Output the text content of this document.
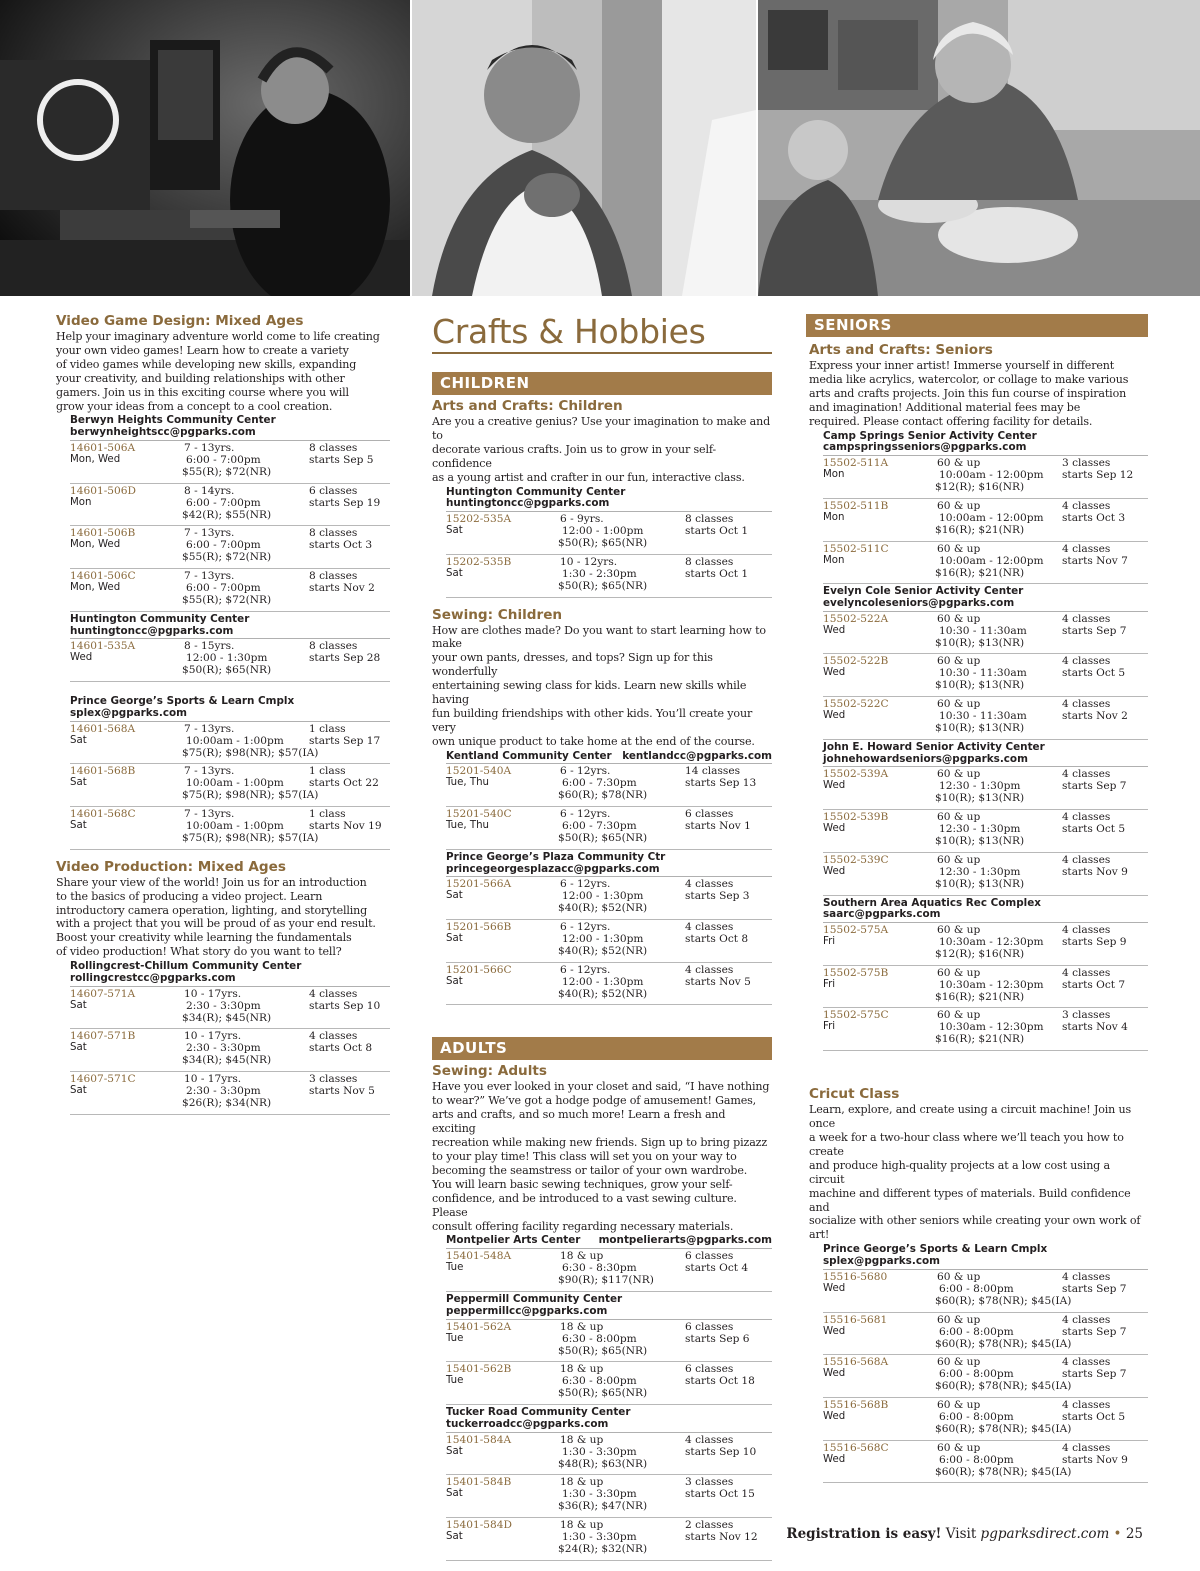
Video Game Design: Mixed Ages
Help your imaginary adventure world come to life creating
your own video games! Learn how to create a variety
of video games while developing new skills, expanding
your creativity, and building relationships with other
gamers. Join us in this exciting course where you will
grow your ideas from a concept to a cool creation.
Berwyn Heights Community Center
berwynheightscc@pgparks.com
14601-506A
Mon, Wed
7 - 13yrs.
6:00 - 7:00pm
$55(R); $72(NR)
8 classes
starts Sep 5
14601-506D
Mon
8 - 14yrs.
6:00 - 7:00pm
$42(R); $55(NR)
6 classes
starts Sep 19
14601-506B
Mon, Wed
7 - 13yrs.
6:00 - 7:00pm
$55(R); $72(NR)
8 classes
starts Oct 3
14601-506C
Mon, Wed
7 - 13yrs.
6:00 - 7:00pm
$55(R); $72(NR)
8 classes
starts Nov 2
Huntington Community Center
huntingtoncc@pgparks.com
14601-535A
Wed
8 - 15yrs.
12:00 - 1:30pm
$50(R); $65(NR)
8 classes
starts Sep 28
Prince George’s Sports & Learn Cmplx
splex@pgparks.com
14601-568A
Sat
7 - 13yrs.
10:00am - 1:00pm
$75(R); $98(NR); $57(IA)
1 class
starts Sep 17
14601-568B
Sat
7 - 13yrs.
10:00am - 1:00pm
$75(R); $98(NR); $57(IA)
1 class
starts Oct 22
14601-568C
Sat
7 - 13yrs.
10:00am - 1:00pm
$75(R); $98(NR); $57(IA)
1 class
starts Nov 19
Video Production: Mixed Ages
Share your view of the world! Join us for an introduction
to the basics of producing a video project. Learn
introductory camera operation, lighting, and storytelling
with a project that you will be proud of as your end result.
Boost your creativity while learning the fundamentals
of video production! What story do you want to tell?
Rollingcrest-Chillum Community Center
rollingcrestcc@pgparks.com
14607-571A
Sat
10 - 17yrs.
2:30 - 3:30pm
$34(R); $45(NR)
4 classes
starts Sep 10
14607-571B
Sat
10 - 17yrs.
2:30 - 3:30pm
$34(R); $45(NR)
4 classes
starts Oct 8
14607-571C
Sat
10 - 17yrs.
2:30 - 3:30pm
$26(R); $34(NR)
3 classes
starts Nov 5
Crafts & Hobbies
CHILDREN
Arts and Crafts: Children
Are you a creative genius? Use your imagination to make and to
decorate various crafts. Join us to grow in your self-confidence
as a young artist and crafter in our fun, interactive class.
Huntington Community Center
huntingtoncc@pgparks.com
15202-535A
Sat
6 - 9yrs.
12:00 - 1:00pm
$50(R); $65(NR)
8 classes
starts Oct 1
15202-535B
Sat
10 - 12yrs.
1:30 - 2:30pm
$50(R); $65(NR)
8 classes
starts Oct 1
Sewing: Children
How are clothes made? Do you want to start learning how to make
your own pants, dresses, and tops? Sign up for this wonderfully
entertaining sewing class for kids. Learn new skills while having
fun building friendships with other kids. You’ll create your very
own unique product to take home at the end of the course.
Kentland Community Center kentlandcc@pgparks.com
15201-540A
Tue, Thu
6 - 12yrs.
6:00 - 7:30pm
$60(R); $78(NR)
14 classes
starts Sep 13
15201-540C
Tue, Thu
6 - 12yrs.
6:00 - 7:30pm
$50(R); $65(NR)
6 classes
starts Nov 1
Prince George’s Plaza Community Ctr
princegeorgesplazacc@pgparks.com
15201-566A
Sat
6 - 12yrs.
12:00 - 1:30pm
$40(R); $52(NR)
4 classes
starts Sep 3
15201-566B
Sat
6 - 12yrs.
12:00 - 1:30pm
$40(R); $52(NR)
4 classes
starts Oct 8
15201-566C
Sat
6 - 12yrs.
12:00 - 1:30pm
$40(R); $52(NR)
4 classes
starts Nov 5
ADULTS
Sewing: Adults
Have you ever looked in your closet and said, “I have nothing
to wear?” We’ve got a hodge podge of amusement! Games,
arts and crafts, and so much more! Learn a fresh and exciting
recreation while making new friends. Sign up to bring pizazz
to your play time! This class will set you on your way to
becoming the seamstress or tailor of your own wardrobe.
You will learn basic sewing techniques, grow your self-
confidence, and be introduced to a vast sewing culture. Please
consult offering facility regarding necessary materials.
Montpelier Arts Center montpelierarts@pgparks.com
15401-548A
Tue
18 & up
6:30 - 8:30pm
$90(R); $117(NR)
6 classes
starts Oct 4
Peppermill Community Center
peppermillcc@pgparks.com
15401-562A
Tue
18 & up
6:30 - 8:00pm
$50(R); $65(NR)
6 classes
starts Sep 6
15401-562B
Tue
18 & up
6:30 - 8:00pm
$50(R); $65(NR)
6 classes
starts Oct 18
Tucker Road Community Center
tuckerroadcc@pgparks.com
15401-584A
Sat
18 & up
1:30 - 3:30pm
$48(R); $63(NR)
4 classes
starts Sep 10
15401-584B
Sat
18 & up
1:30 - 3:30pm
$36(R); $47(NR)
3 classes
starts Oct 15
15401-584D
Sat
18 & up
1:30 - 3:30pm
$24(R); $32(NR)
2 classes
starts Nov 12
SENIORS
Arts and Crafts: Seniors
Express your inner artist! Immerse yourself in different
media like acrylics, watercolor, or collage to make various
arts and crafts projects. Join this fun course of inspiration
and imagination! Additional material fees may be
required. Please contact offering facility for details.
Camp Springs Senior Activity Center
campspringsseniors@pgparks.com
15502-511A
Mon
60 & up
10:00am - 12:00pm
$12(R); $16(NR)
3 classes
starts Sep 12
15502-511B
Mon
60 & up
10:00am - 12:00pm
$16(R); $21(NR)
4 classes
starts Oct 3
15502-511C
Mon
60 & up
10:00am - 12:00pm
$16(R); $21(NR)
4 classes
starts Nov 7
Evelyn Cole Senior Activity Center
evelyncoleseniors@pgparks.com
15502-522A
Wed
60 & up
10:30 - 11:30am
$10(R); $13(NR)
4 classes
starts Sep 7
15502-522B
Wed
60 & up
10:30 - 11:30am
$10(R); $13(NR)
4 classes
starts Oct 5
15502-522C
Wed
60 & up
10:30 - 11:30am
$10(R); $13(NR)
4 classes
starts Nov 2
John E. Howard Senior Activity Center
johnehowardseniors@pgparks.com
15502-539A
Wed
60 & up
12:30 - 1:30pm
$10(R); $13(NR)
4 classes
starts Sep 7
15502-539B
Wed
60 & up
12:30 - 1:30pm
$10(R); $13(NR)
4 classes
starts Oct 5
15502-539C
Wed
60 & up
12:30 - 1:30pm
$10(R); $13(NR)
4 classes
starts Nov 9
Southern Area Aquatics Rec Complex
saarc@pgparks.com
15502-575A
Fri
60 & up
10:30am - 12:30pm
$12(R); $16(NR)
4 classes
starts Sep 9
15502-575B
Fri
60 & up
10:30am - 12:30pm
$16(R); $21(NR)
4 classes
starts Oct 7
15502-575C
Fri
60 & up
10:30am - 12:30pm
$16(R); $21(NR)
3 classes
starts Nov 4
Cricut Class
Learn, explore, and create using a circuit machine! Join us once
a week for a two-hour class where we’ll teach you how to create
and produce high-quality projects at a low cost using a circuit
machine and different types of materials. Build confidence and
socialize with other seniors while creating your own work of art!
Prince George’s Sports & Learn Cmplx
splex@pgparks.com
15516-5680
Wed
60 & up
6:00 - 8:00pm
$60(R); $78(NR); $45(IA)
4 classes
starts Sep 7
15516-5681
Wed
60 & up
6:00 - 8:00pm
$60(R); $78(NR); $45(IA)
4 classes
starts Sep 7
15516-568A
Wed
60 & up
6:00 - 8:00pm
$60(R); $78(NR); $45(IA)
4 classes
starts Sep 7
15516-568B
Wed
60 & up
6:00 - 8:00pm
$60(R); $78(NR); $45(IA)
4 classes
starts Oct 5
15516-568C
Wed
60 & up
6:00 - 8:00pm
$60(R); $78(NR); $45(IA)
4 classes
starts Nov 9
Registration is easy! Visit pgparksdirect.com • 25
